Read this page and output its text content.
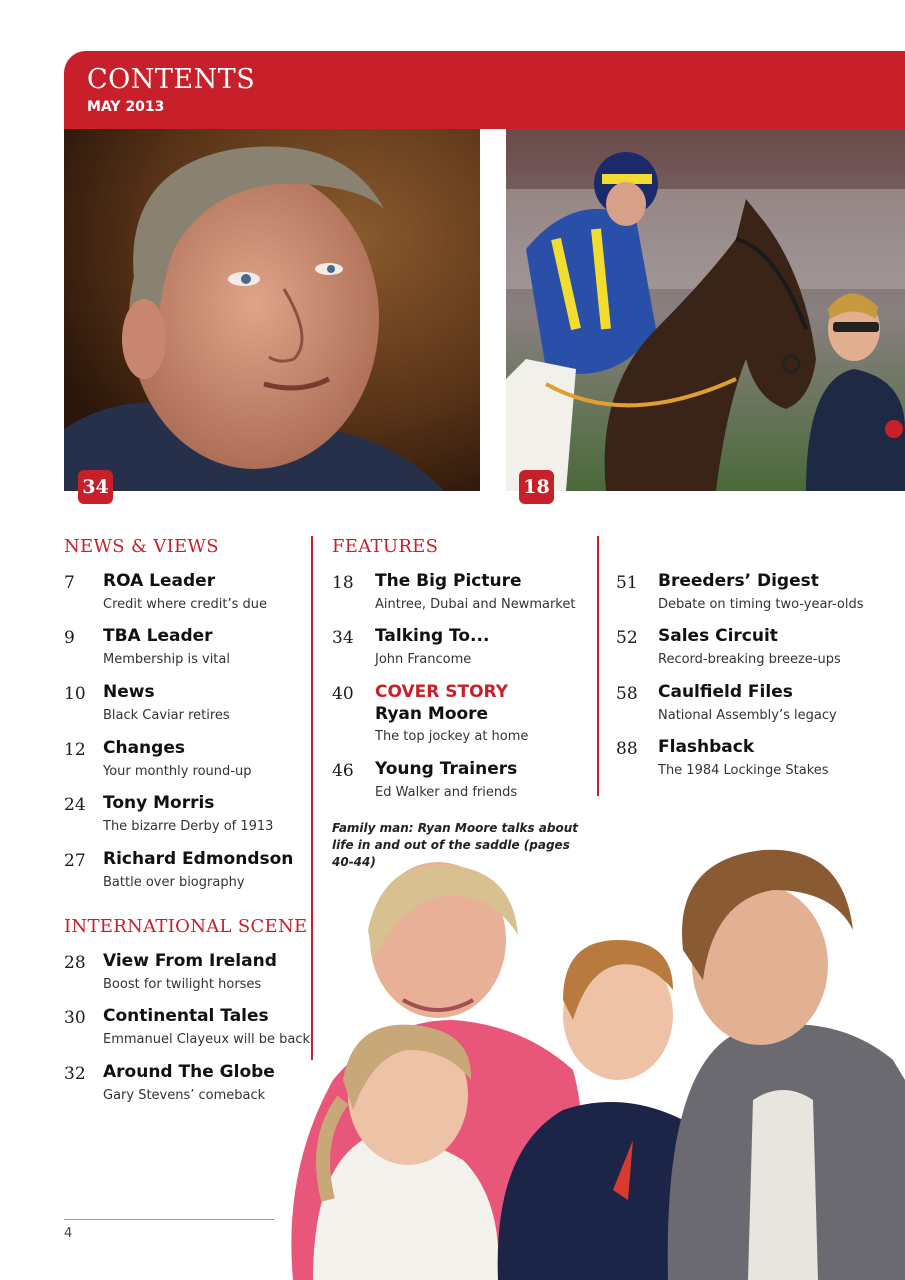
CONTENTS
MAY 2013
34	18
NEWS & VIEWS
7 ROA Leader
Credit where credit’s due
9 TBA Leader
Membership is vital
10 News
Black Caviar retires
12 Changes
Your monthly round-up
24 Tony Morris
The bizarre Derby of 1913
27 Richard Edmondson
Battle over biography
INTERNATIONAL SCENE
28 View From Ireland
Boost for twilight horses
30 Continental Tales
Emmanuel Clayeux will be back
32 Around The Globe
Gary Stevens’ comeback
FEATURES
18 The Big Picture
Aintree, Dubai and Newmarket
34 Talking To...
John Francome
40 COVER STORY
Ryan Moore
The top jockey at home
46 Young Trainers
Ed Walker and friends
Family man: Ryan Moore talks about life in and out of the saddle (pages 40-44)
51 Breeders’ Digest
Debate on timing two-year-olds
52 Sales Circuit
Record-breaking breeze-ups
58 Caulfield Files
National Assembly’s legacy
88 Flashback
The 1984 Lockinge Stakes
4
